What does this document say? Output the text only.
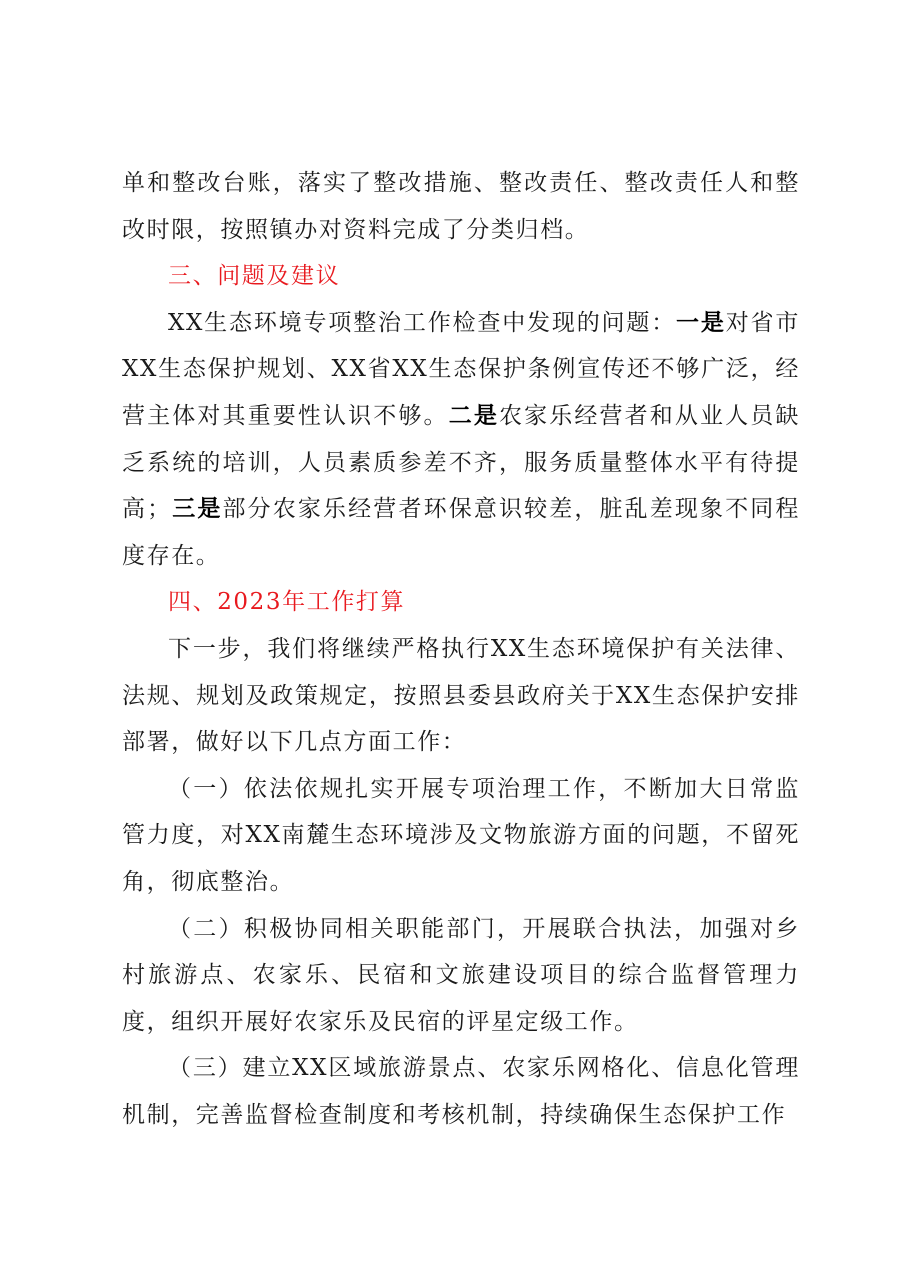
单和整改台账，落实了整改措施、整改责任、整改责任人和整改时限，按照镇办对资料完成了分类归档。

三、问题及建议

XX生态环境专项整治工作检查中发现的问题：一是对省市XX生态保护规划、XX省XX生态保护条例宣传还不够广泛，经营主体对其重要性认识不够。二是农家乐经营者和从业人员缺乏系统的培训，人员素质参差不齐，服务质量整体水平有待提高；三是部分农家乐经营者环保意识较差，脏乱差现象不同程度存在。

四、2023年工作打算

下一步，我们将继续严格执行XX生态环境保护有关法律、法规、规划及政策规定，按照县委县政府关于XX生态保护安排部署，做好以下几点方面工作：

（一）依法依规扎实开展专项治理工作，不断加大日常监管力度，对XX南麓生态环境涉及文物旅游方面的问题，不留死角，彻底整治。

（二）积极协同相关职能部门，开展联合执法，加强对乡村旅游点、农家乐、民宿和文旅建设项目的综合监督管理力度，组织开展好农家乐及民宿的评星定级工作。

（三）建立XX区域旅游景点、农家乐网格化、信息化管理机制，完善监督检查制度和考核机制，持续确保生态保护工作
